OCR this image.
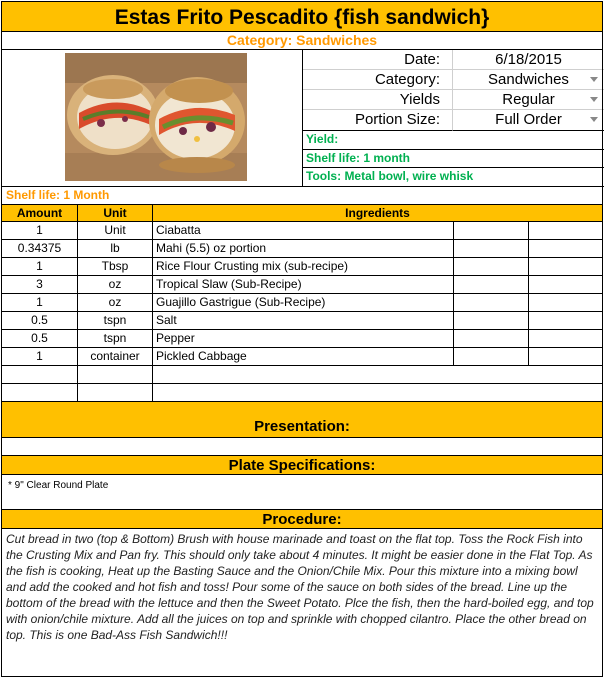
Estas Frito Pescadito {fish sandwich}
Category: Sandwiches
Date:	6/18/2015
Category:	Sandwiches
Yields	Regular
Portion Size:	Full Order
Yield:
Shelf life: 1 month
Tools: Metal bowl, wire whisk
Shelf life: 1 Month
Amount	Unit	Ingredients
1	Unit	Ciabatta
0.34375	lb	Mahi (5.5) oz portion
1	Tbsp	Rice Flour Crusting mix (sub-recipe)
3	oz	Tropical Slaw (Sub-Recipe)
1	oz	Guajillo Gastrigue (Sub-Recipe)
0.5	tspn	Salt
0.5	tspn	Pepper
1	container	Pickled Cabbage
Presentation:
Plate Specifications:
* 9" Clear Round Plate
Procedure:
Cut bread in two (top & Bottom) Brush with house marinade and toast on the flat top. Toss the Rock Fish into the Crusting Mix and Pan fry. This should only take about 4 minutes. It might be easier done in the Flat Top. As the fish is cooking, Heat up the Basting Sauce and the Onion/Chile Mix. Pour this mixture into a mixing bowl and add the cooked and hot fish and toss! Pour some of the sauce on both sides of the bread. Line up the bottom of the bread with the lettuce and then the Sweet Potato. Plce the fish, then the hard-boiled egg, and top with onion/chile mixture. Add all the juices on top and sprinkle with chopped cilantro. Place the other bread on top. This is one Bad-Ass Fish Sandwich!!!
